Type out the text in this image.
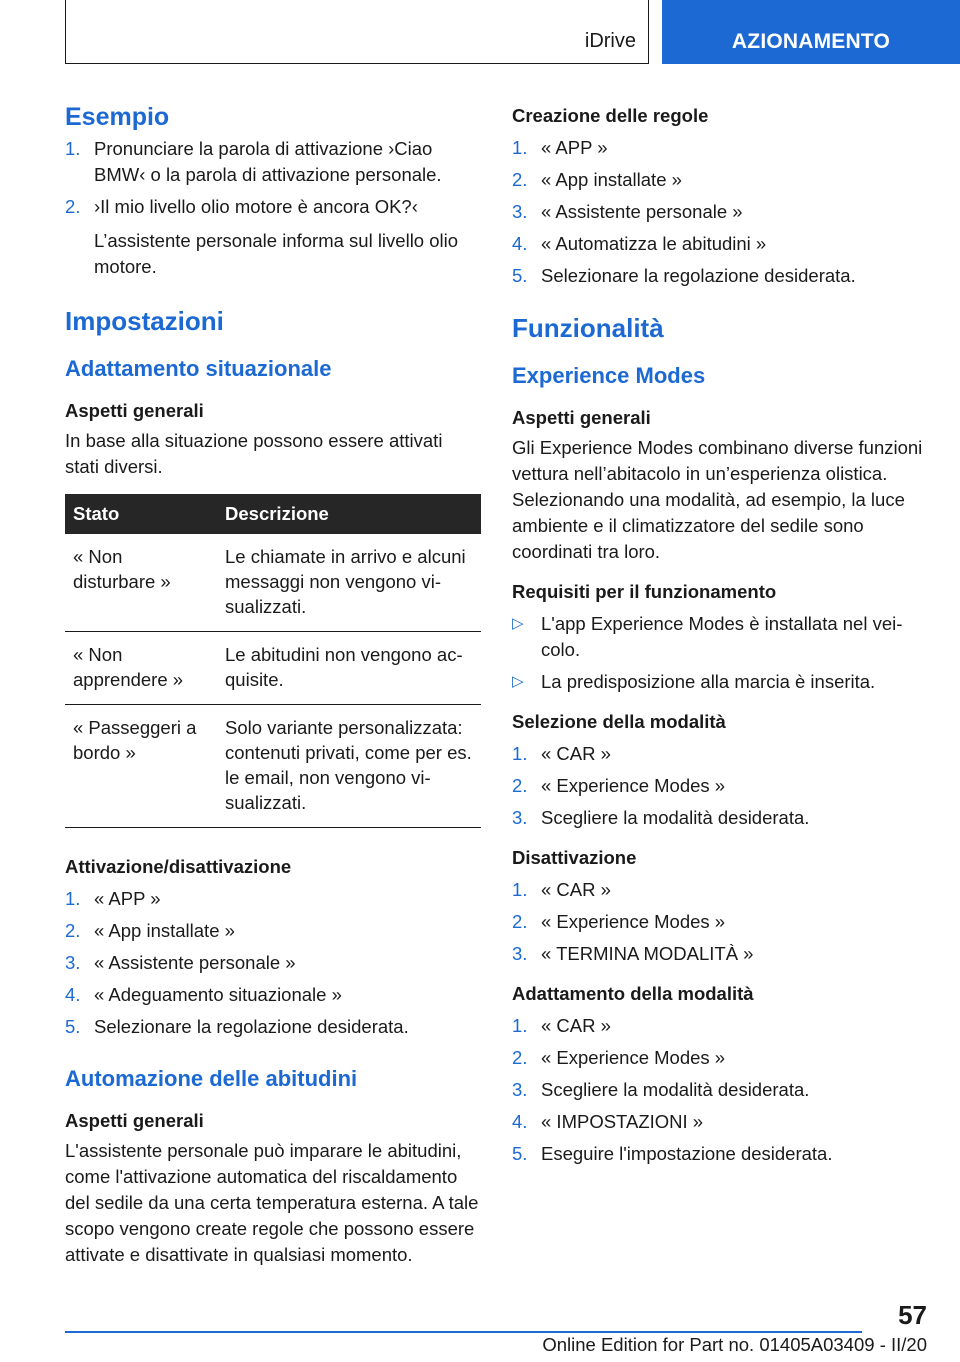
iDrive	AZIONAMENTO
Esempio
1. Pronunciare la parola di attivazione ›Ciao BMW‹ o la parola di attivazione personale.
2. ›Il mio livello olio motore è ancora OK?‹
L’assistente personale informa sul livello olio motore.
Impostazioni
Adattamento situazionale
Aspetti generali
In base alla situazione possono essere attivati stati diversi.
Stato	Descrizione
« Non disturbare »	Le chiamate in arrivo e alcuni messaggi non vengono visualizzati.
« Non apprendere »	Le abitudini non vengono acquisite.
« Passeggeri a bordo »	Solo variante personalizzata: contenuti privati, come per es. le email, non vengono visualizzati.
Attivazione/disattivazione
1. « APP »
2. « App installate »
3. « Assistente personale »
4. « Adeguamento situazionale »
5. Selezionare la regolazione desiderata.
Automazione delle abitudini
Aspetti generali
L'assistente personale può imparare le abitudini, come l'attivazione automatica del riscaldamento del sedile da una certa temperatura esterna. A tale scopo vengono create regole che possono essere attivate e disattivate in qualsiasi momento.
Creazione delle regole
1. « APP »
2. « App installate »
3. « Assistente personale »
4. « Automatizza le abitudini »
5. Selezionare la regolazione desiderata.
Funzionalità
Experience Modes
Aspetti generali
Gli Experience Modes combinano diverse funzioni vettura nell’abitacolo in un’esperienza olistica. Selezionando una modalità, ad esempio, la luce ambiente e il climatizzatore del sedile sono coordinati tra loro.
Requisiti per il funzionamento
▷ L'app Experience Modes è installata nel veicolo.
▷ La predisposizione alla marcia è inserita.
Selezione della modalità
1. « CAR »
2. « Experience Modes »
3. Scegliere la modalità desiderata.
Disattivazione
1. « CAR »
2. « Experience Modes »
3. « TERMINA MODALITÀ »
Adattamento della modalità
1. « CAR »
2. « Experience Modes »
3. Scegliere la modalità desiderata.
4. « IMPOSTAZIONI »
5. Eseguire l'impostazione desiderata.
57
Online Edition for Part no. 01405A03409 - II/20
